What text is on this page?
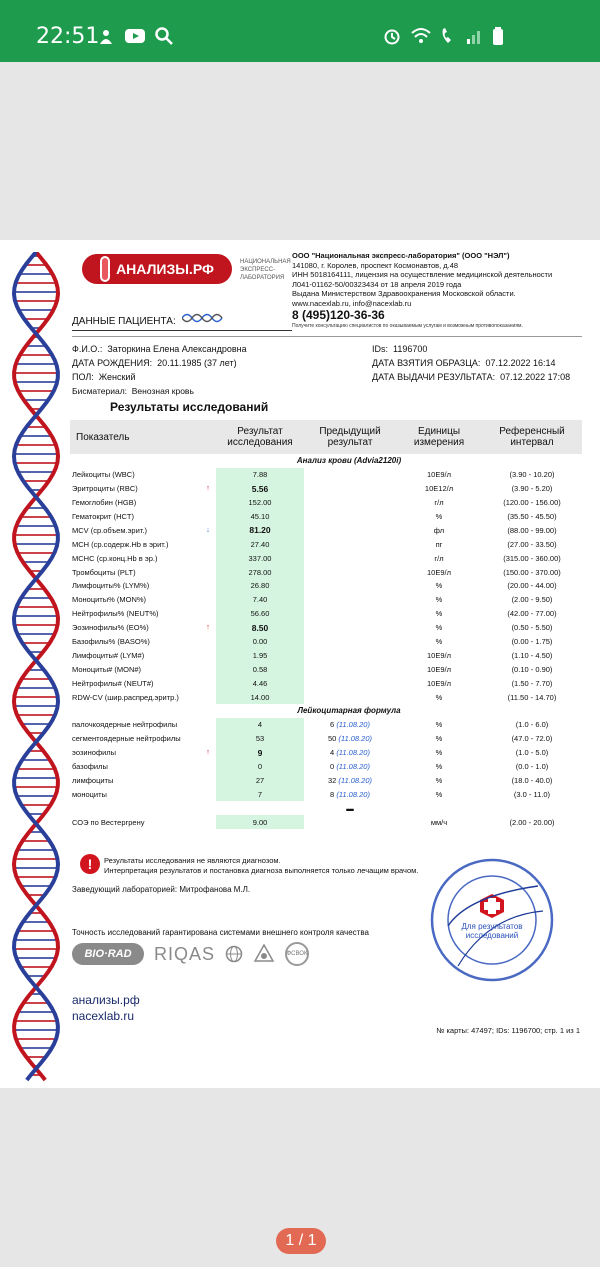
22:51
АНАЛИЗЫ.РФ	НАЦИОНАЛЬНАЯ ЭКСПРЕСС-ЛАБОРАТОРИЯ
ООО "Национальная экспресс-лаборатория" (ООО "НЭЛ")
141080, г. Королев, проспект Космонавтов, д.48
ИНН 5018164111, лицензия на осуществление медицинской деятельности
Л041-01162-50/00323434 от 18 апреля 2019 года
Выдана Министерством Здравоохранения Московской области.
www.nacexlab.ru, info@nacexlab.ru
8 (495)120-36-36
Получите консультацию специалистов по оказываемым услугам и возможным противопоказаниям.
ДАННЫЕ ПАЦИЕНТА:
Ф.И.О.: Заторкина Елена Александровна
ДАТА РОЖДЕНИЯ: 20.11.1985 (37 лет)
ПОЛ: Женский
Бисматериал: Венозная кровь
IDs: 1196700
ДАТА ВЗЯТИЯ ОБРАЗЦА: 07.12.2022 16:14
ДАТА ВЫДАЧИ РЕЗУЛЬТАТА: 07.12.2022 17:08
Результаты исследований
Показатель		Результат исследования	Предыдущий результат	Единицы измерения	Референсный интервал
		Анализ крови (Advia2120i)			
Лейкоциты (WBC)		7.88		10E9/л	(3.90 - 10.20)
Эритроциты (RBC)	↑	5.56		10E12/л	(3.90 - 5.20)
Гемоглобин (HGB)		152.00		г/л	(120.00 - 156.00)
Гематокрит (HCT)		45.10		%	(35.50 - 45.50)
MCV (ср.объем.эрит.)	↓	81.20		фл	(88.00 - 99.00)
MCH (ср.содерж.Hb в эрит.)		27.40		пг	(27.00 - 33.50)
MCHC (ср.конц.Hb в эр.)		337.00		г/л	(315.00 - 360.00)
Тромбоциты (PLT)		278.00		10E9/л	(150.00 - 370.00)
Лимфоциты% (LYM%)		26.80		%	(20.00 - 44.00)
Моноциты% (MON%)		7.40		%	(2.00 - 9.50)
Нейтрофилы% (NEUT%)		56.60		%	(42.00 - 77.00)
Эозинофилы% (EO%)	↑	8.50		%	(0.50 - 5.50)
Базофилы% (BASO%)		0.00		%	(0.00 - 1.75)
Лимфоциты# (LYM#)		1.95		10E9/л	(1.10 - 4.50)
Моноциты# (MON#)		0.58		10E9/л	(0.10 - 0.90)
Нейтрофилы# (NEUT#)		4.46		10E9/л	(1.50 - 7.70)
RDW-CV (шир.распред.эритр.)		14.00		%	(11.50 - 14.70)
		Лейкоцитарная формула			
палочкоядерные нейтрофилы		4	6 (11.08.20)	%	(1.0 - 6.0)
сегментоядерные нейтрофилы		53	50 (11.08.20)	%	(47.0 - 72.0)
эозинофилы	↑	9	4 (11.08.20)	%	(1.0 - 5.0)
базофилы		0	0 (11.08.20)	%	(0.0 - 1.0)
лимфоциты		27	32 (11.08.20)	%	(18.0 - 40.0)
моноциты		7	8 (11.08.20)	%	(3.0 - 11.0)
			▬		
СОЭ по Вестергрену		9.00		мм/ч	(2.00 - 20.00)
!	Результаты исследования не являются диагнозом.
Интерпретация результатов и постановка диагноза выполняется только лечащим врачом.
Заведующий лабораторией: Митрофанова М.Л.
Точность исследований гарантирована системами внешнего контроля качества
BIO·RAD	RIQAS	ФСВОК
анализы.рф
nacexlab.ru
Для результатов исследований
№ карты: 47497; IDs: 1196700; стр. 1 из 1
1 / 1
